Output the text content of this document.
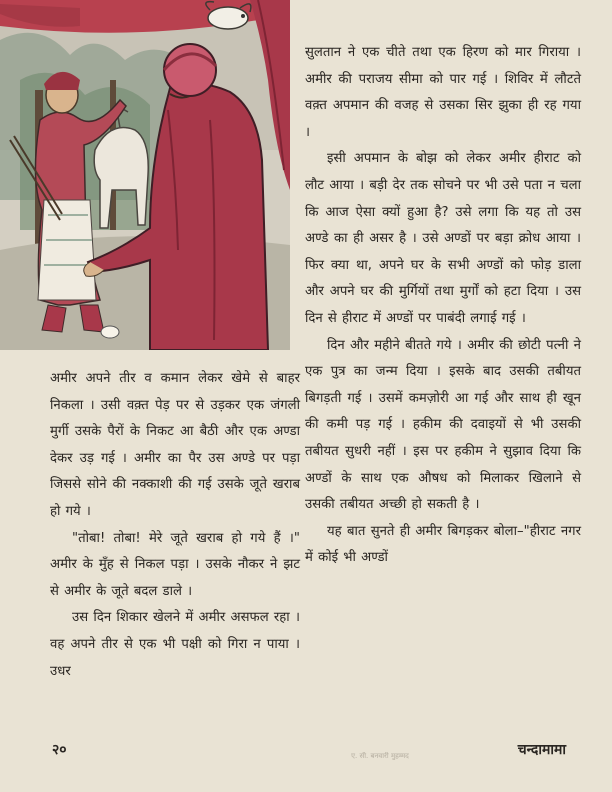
सुलतान ने एक चीते तथा एक हिरण को मार गिराया । अमीर की पराजय सीमा को पार गई । शिविर में लौटते वक़्त अपमान की वजह से उसका सिर झुका ही रह गया ।

इसी अपमान के बोझ को लेकर अमीर हीराट को लौट आया । बड़ी देर तक सोचने पर भी उसे पता न चला कि आज ऐसा क्यों हुआ है? उसे लगा कि यह तो उस अण्डे का ही असर है । उसे अण्डों पर बड़ा क्रोध आया । फिर क्या था, अपने घर के सभी अण्डों को फोड़ डाला और अपने घर की मुर्गियों तथा मुर्गों को हटा दिया । उस दिन से हीराट में अण्डों पर पाबंदी लगाई गई ।

दिन और महीने बीतते गये । अमीर की छोटी पत्नी ने एक पुत्र का जन्म दिया । इसके बाद उसकी तबीयत बिगड़ती गई । उसमें कमज़ोरी आ गई और साथ ही खून की कमी पड़ गई । हकीम की दवाइयों से भी उसकी तबीयत सुधरी नहीं । इस पर हकीम ने सुझाव दिया कि अण्डों के साथ एक औषध को मिलाकर खिलाने से उसकी तबीयत अच्छी हो सकती है ।

यह बात सुनते ही अमीर बिगड़कर बोला–"हीराट नगर में कोई भी अण्डों

अमीर अपने तीर व कमान लेकर खेमे से बाहर निकला । उसी वक़्त पेड़ पर से उड़कर एक जंगली मुर्गी उसके पैरों के निकट आ बैठी और एक अण्डा देकर उड़ गई । अमीर का पैर उस अण्डे पर पड़ा जिससे सोने की नक्काशी की गई उसके जूते खराब हो गये ।

"तोबा! तोबा! मेरे जूते खराब हो गये हैं ।" अमीर के मुँह से निकल पड़ा । उसके नौकर ने झट से अमीर के जूते बदल डाले ।

उस दिन शिकार खेलने में अमीर असफल रहा । वह अपने तीर से एक भी पक्षी को गिरा न पाया । उधर

२०	ए. सी. बनवारी मुहम्मद	चन्दामामा
